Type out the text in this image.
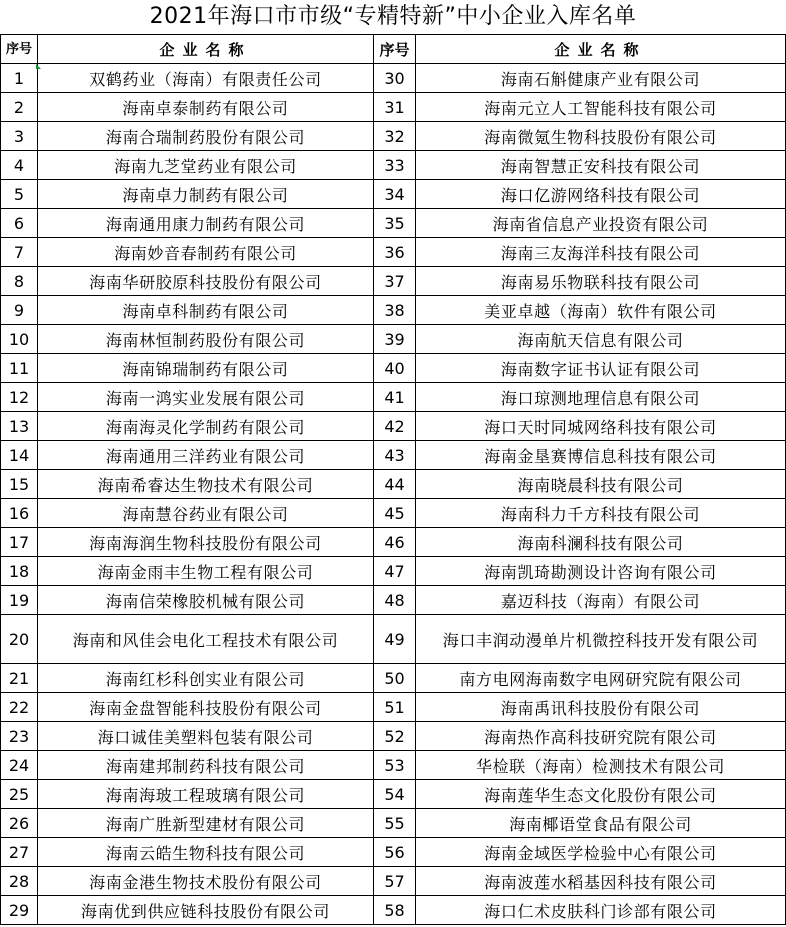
2021年海口市市级“专精特新”中小企业入库名单
序号	企业名称	序号	企业名称
1	双鹤药业（海南）有限责任公司	30	海南石斛健康产业有限公司
2	海南卓泰制药有限公司	31	海南元立人工智能科技有限公司
3	海南合瑞制药股份有限公司	32	海南微氪生物科技股份有限公司
4	海南九芝堂药业有限公司	33	海南智慧正安科技有限公司
5	海南卓力制药有限公司	34	海口亿游网络科技有限公司
6	海南通用康力制药有限公司	35	海南省信息产业投资有限公司
7	海南妙音春制药有限公司	36	海南三友海洋科技有限公司
8	海南华研胶原科技股份有限公司	37	海南易乐物联科技有限公司
9	海南卓科制药有限公司	38	美亚卓越（海南）软件有限公司
10	海南林恒制药股份有限公司	39	海南航天信息有限公司
11	海南锦瑞制药有限公司	40	海南数字证书认证有限公司
12	海南一鸿实业发展有限公司	41	海口琼测地理信息有限公司
13	海南海灵化学制药有限公司	42	海口天时同城网络科技有限公司
14	海南通用三洋药业有限公司	43	海南金垦赛博信息科技有限公司
15	海南希睿达生物技术有限公司	44	海南晓晨科技有限公司
16	海南慧谷药业有限公司	45	海南科力千方科技有限公司
17	海南海润生物科技股份有限公司	46	海南科澜科技有限公司
18	海南金雨丰生物工程有限公司	47	海南凯琦勘测设计咨询有限公司
19	海南信荣橡胶机械有限公司	48	嘉迈科技（海南）有限公司
20	海南和风佳会电化工程技术有限公司	49	海口丰润动漫单片机微控科技开发有限公司
21	海南红杉科创实业有限公司	50	南方电网海南数字电网研究院有限公司
22	海南金盘智能科技股份有限公司	51	海南禹讯科技股份有限公司
23	海口诚佳美塑料包装有限公司	52	海南热作高科技研究院有限公司
24	海南建邦制药科技有限公司	53	华检联（海南）检测技术有限公司
25	海南海玻工程玻璃有限公司	54	海南莲华生态文化股份有限公司
26	海南广胜新型建材有限公司	55	海南椰语堂食品有限公司
27	海南云皓生物科技有限公司	56	海南金域医学检验中心有限公司
28	海南金港生物技术股份有限公司	57	海南波莲水稻基因科技有限公司
29	海南优到供应链科技股份有限公司	58	海口仁术皮肤科门诊部有限公司
